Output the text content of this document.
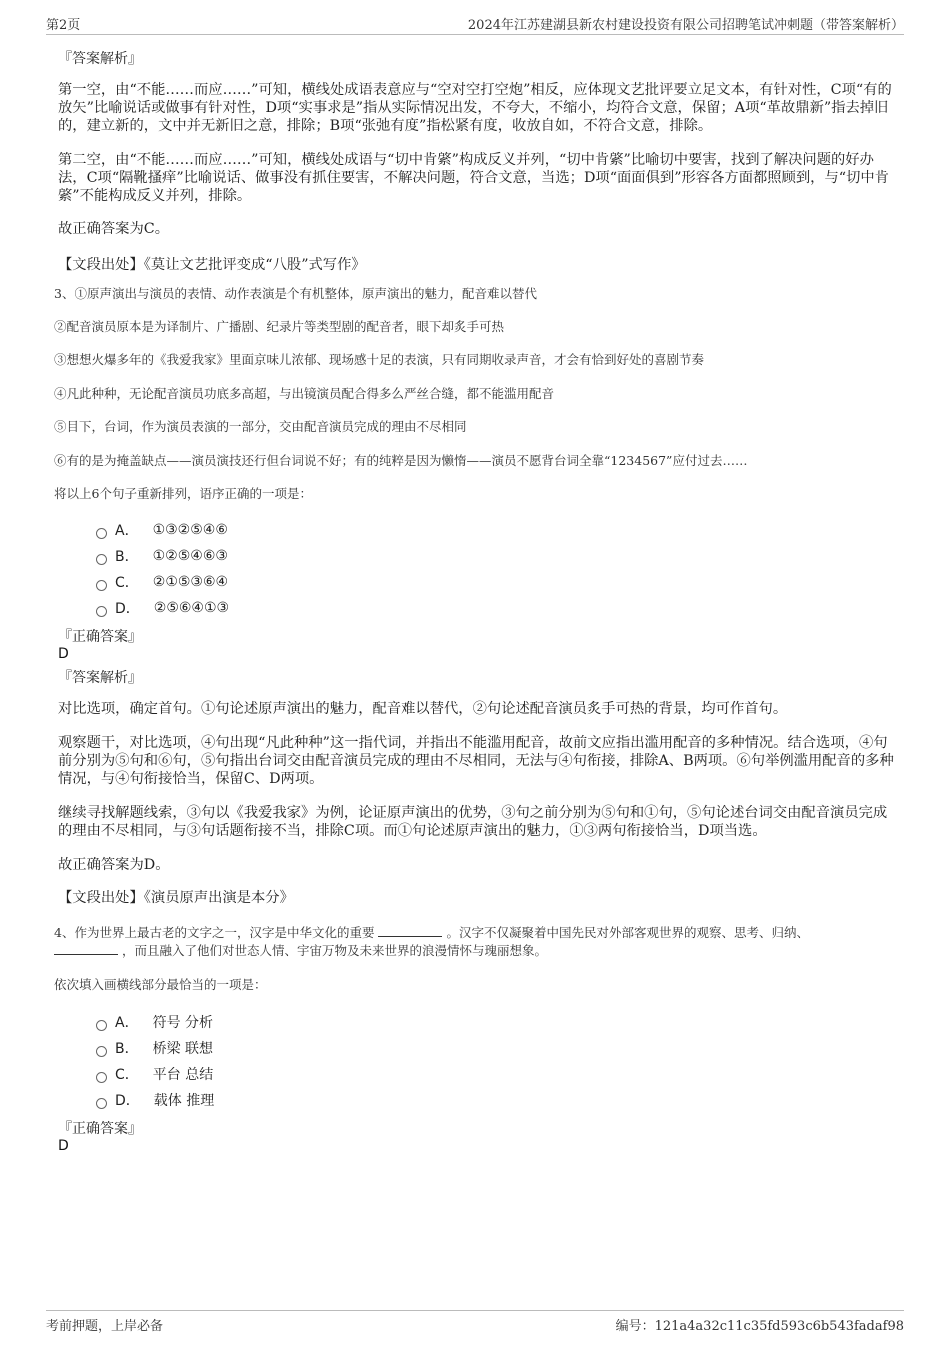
第2页	2024年江苏建湖县新农村建设投资有限公司招聘笔试冲刺题（带答案解析）
『答案解析』
第一空，由“不能……而应……”可知，横线处成语表意应与“空对空打空炮”相反，应体现文艺批评要立足文本，有针对性，C项“有的放矢”比喻说话或做事有针对性，D项“实事求是”指从实际情况出发，不夸大，不缩小，均符合文意，保留；A项“革故鼎新”指去掉旧的，建立新的，文中并无新旧之意，排除；B项“张弛有度”指松紧有度，收放自如，不符合文意，排除。
第二空，由“不能……而应……”可知，横线处成语与“切中肯綮”构成反义并列，“切中肯綮”比喻切中要害，找到了解决问题的好办法，C项“隔靴搔痒”比喻说话、做事没有抓住要害，不解决问题，符合文意，当选；D项“面面俱到”形容各方面都照顾到，与“切中肯綮”不能构成反义并列，排除。
故正确答案为C。
【文段出处】《莫让文艺批评变成“八股”式写作》
3、①原声演出与演员的表情、动作表演是个有机整体，原声演出的魅力，配音难以替代
②配音演员原本是为译制片、广播剧、纪录片等类型剧的配音者，眼下却炙手可热
③想想火爆多年的《我爱我家》里面京味儿浓郁、现场感十足的表演，只有同期收录声音，才会有恰到好处的喜剧节奏
④凡此种种，无论配音演员功底多高超，与出镜演员配合得多么严丝合缝，都不能滥用配音
⑤目下，台词，作为演员表演的一部分，交由配音演员完成的理由不尽相同
⑥有的是为掩盖缺点——演员演技还行但台词说不好；有的纯粹是因为懒惰——演员不愿背台词全靠“1234567”应付过去……
将以上6个句子重新排列，语序正确的一项是：
A． ①③②⑤④⑥
B． ①②⑤④⑥③
C． ②①⑤③⑥④
D． ②⑤⑥④①③
『正确答案』
D
『答案解析』
对比选项，确定首句。①句论述原声演出的魅力，配音难以替代，②句论述配音演员炙手可热的背景，均可作首句。
观察题干，对比选项，④句出现“凡此种种”这一指代词，并指出不能滥用配音，故前文应指出滥用配音的多种情况。结合选项，④句前分别为⑤句和⑥句，⑤句指出台词交由配音演员完成的理由不尽相同，无法与④句衔接，排除A、B两项。⑥句举例滥用配音的多种情况，与④句衔接恰当，保留C、D两项。
继续寻找解题线索，③句以《我爱我家》为例，论证原声演出的优势，③句之前分别为⑤句和①句，⑤句论述台词交由配音演员完成的理由不尽相同，与③句话题衔接不当，排除C项。而①句论述原声演出的魅力，①③两句衔接恰当，D项当选。
故正确答案为D。
【文段出处】《演员原声出演是本分》
4、作为世界上最古老的文字之一，汉字是中华文化的重要	。汉字不仅凝聚着中国先民对外部客观世界的观察、思考、归纳、
，而且融入了他们对世态人情、宇宙万物及未来世界的浪漫情怀与瑰丽想象。
依次填入画横线部分最恰当的一项是：
A． 符号 分析
B． 桥梁 联想
C． 平台 总结
D． 载体 推理
『正确答案』
D
考前押题，上岸必备	编号：121a4a32c11c35fd593c6b543fadaf98
